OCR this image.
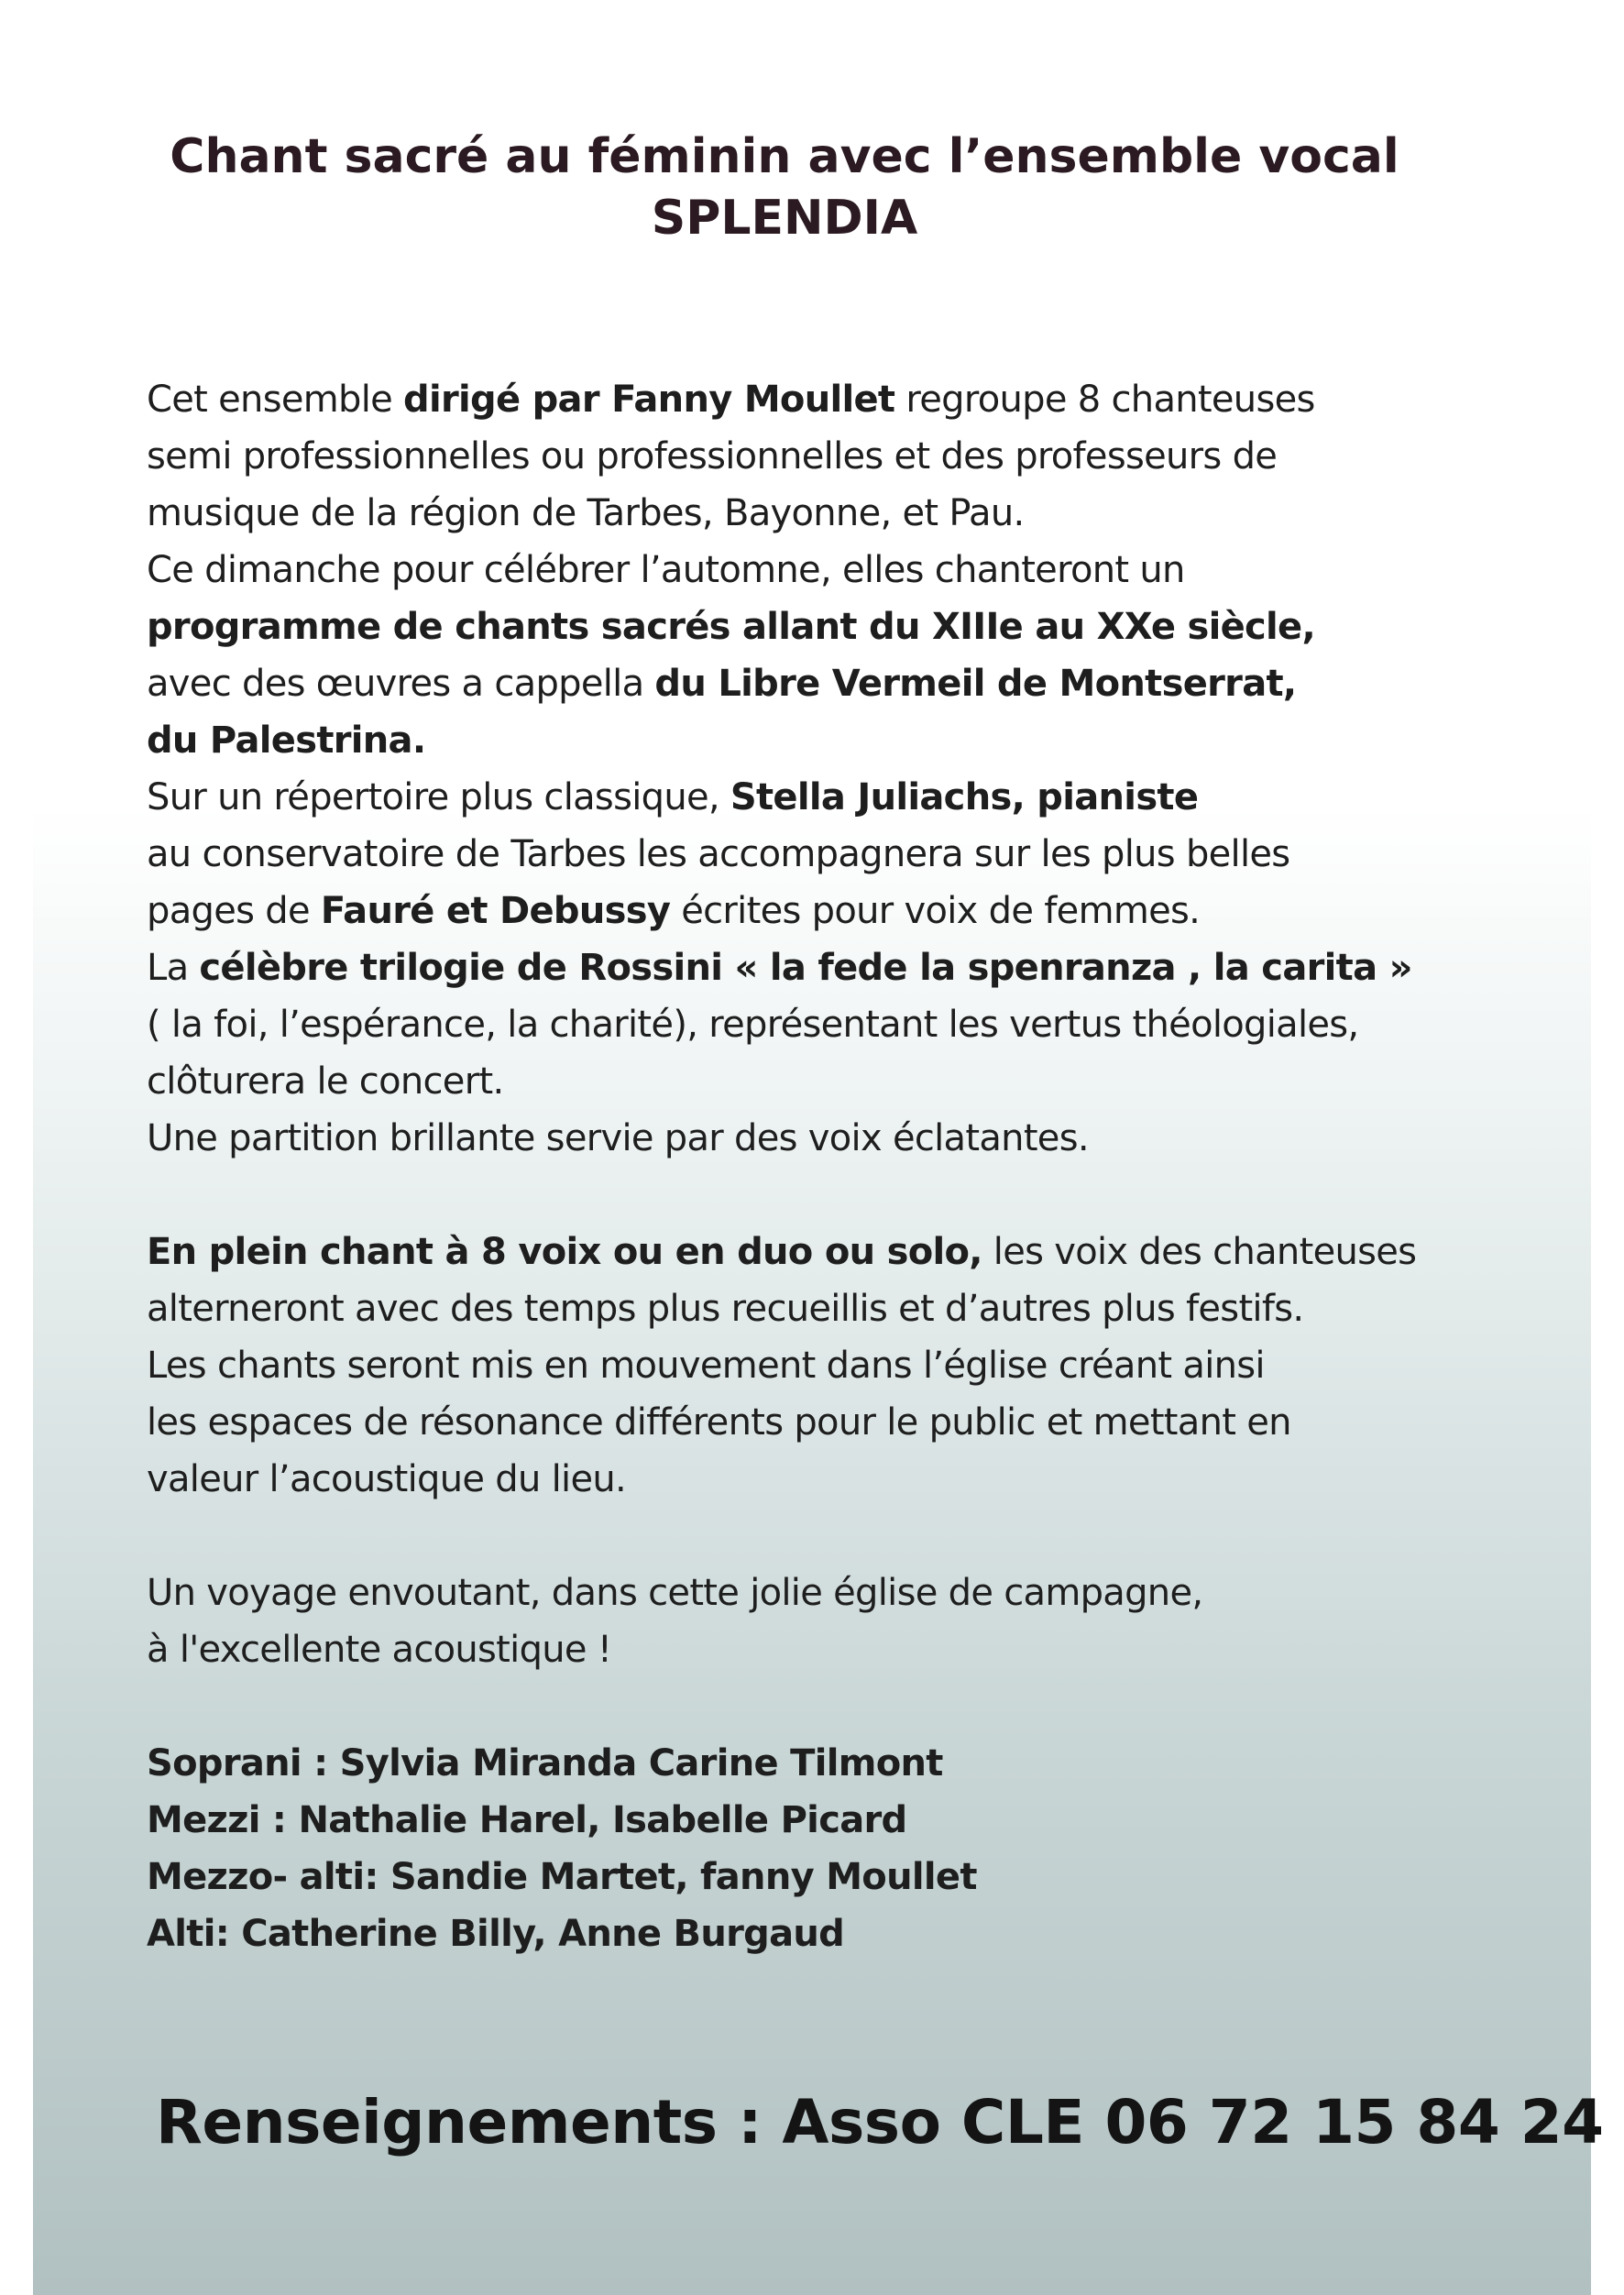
Chant sacré au féminin avec l’ensemble vocal
SPLENDIA
Cet ensemble dirigé par Fanny Moullet regroupe 8 chanteuses
semi professionnelles ou professionnelles et des professeurs de
musique de la région de Tarbes, Bayonne, et Pau.
Ce dimanche pour célébrer l’automne, elles chanteront un
programme de chants sacrés allant du XIIIe au XXe siècle,
avec des œuvres a cappella du Libre Vermeil de Montserrat,
du Palestrina.
Sur un répertoire plus classique, Stella Juliachs, pianiste
au conservatoire de Tarbes les accompagnera sur les plus belles
pages de Fauré et Debussy écrites pour voix de femmes.
La célèbre trilogie de Rossini « la fede la spenranza , la carita »
( la foi, l’espérance, la charité), représentant les vertus théologiales,
clôturera le concert.
Une partition brillante servie par des voix éclatantes.
En plein chant à 8 voix ou en duo ou solo, les voix des chanteuses
alterneront avec des temps plus recueillis et d’autres plus festifs.
Les chants seront mis en mouvement dans l’église créant ainsi
les espaces de résonance différents pour le public et mettant en
valeur l’acoustique du lieu.
Un voyage envoutant, dans cette jolie église de campagne,
à l'excellente acoustique !
Soprani : Sylvia Miranda Carine Tilmont
Mezzi : Nathalie Harel, Isabelle Picard
Mezzo- alti: Sandie Martet, fanny Moullet
Alti: Catherine Billy, Anne Burgaud
Renseignements : Asso CLE 06 72 15 84 24
